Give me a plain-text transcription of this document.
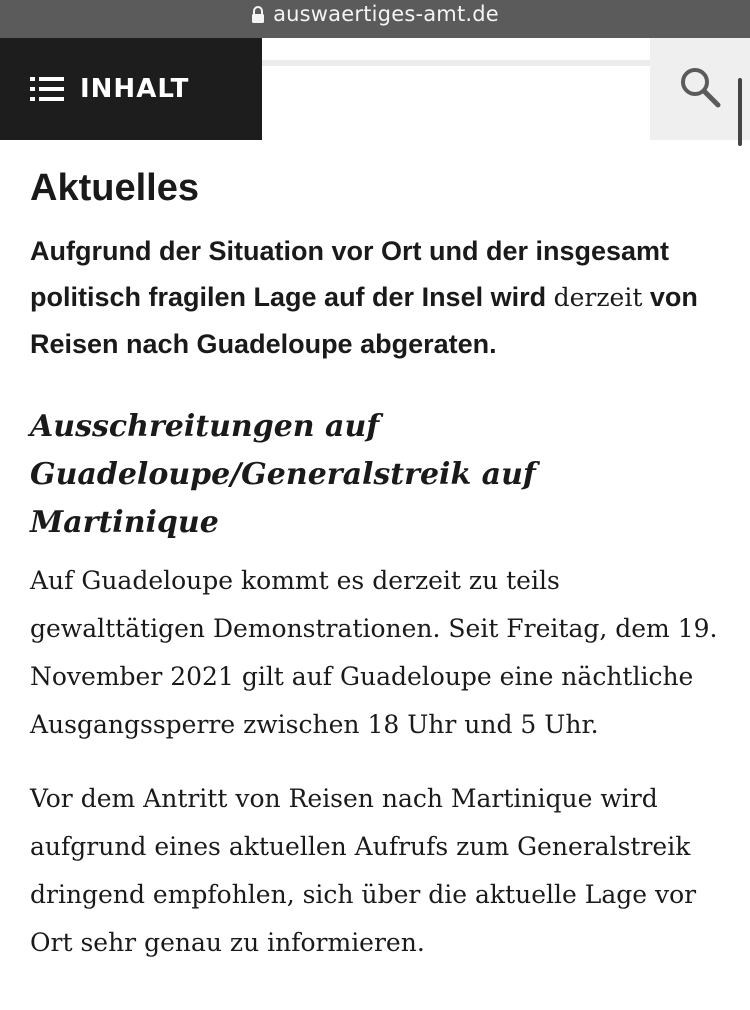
auswaertiges-amt.de
INHALT
Aktuelles

Aufgrund der Situation vor Ort und der insgesamt politisch fragilen Lage auf der Insel wird derzeit von Reisen nach Guadeloupe abgeraten.

Ausschreitungen auf Guadeloupe/Generalstreik auf Martinique

Auf Guadeloupe kommt es derzeit zu teils gewalttätigen Demonstrationen. Seit Freitag, dem 19. November 2021 gilt auf Guadeloupe eine nächtliche Ausgangssperre zwischen 18 Uhr und 5 Uhr.

Vor dem Antritt von Reisen nach Martinique wird aufgrund eines aktuellen Aufrufs zum Generalstreik dringend empfohlen, sich über die aktuelle Lage vor Ort sehr genau zu informieren.
